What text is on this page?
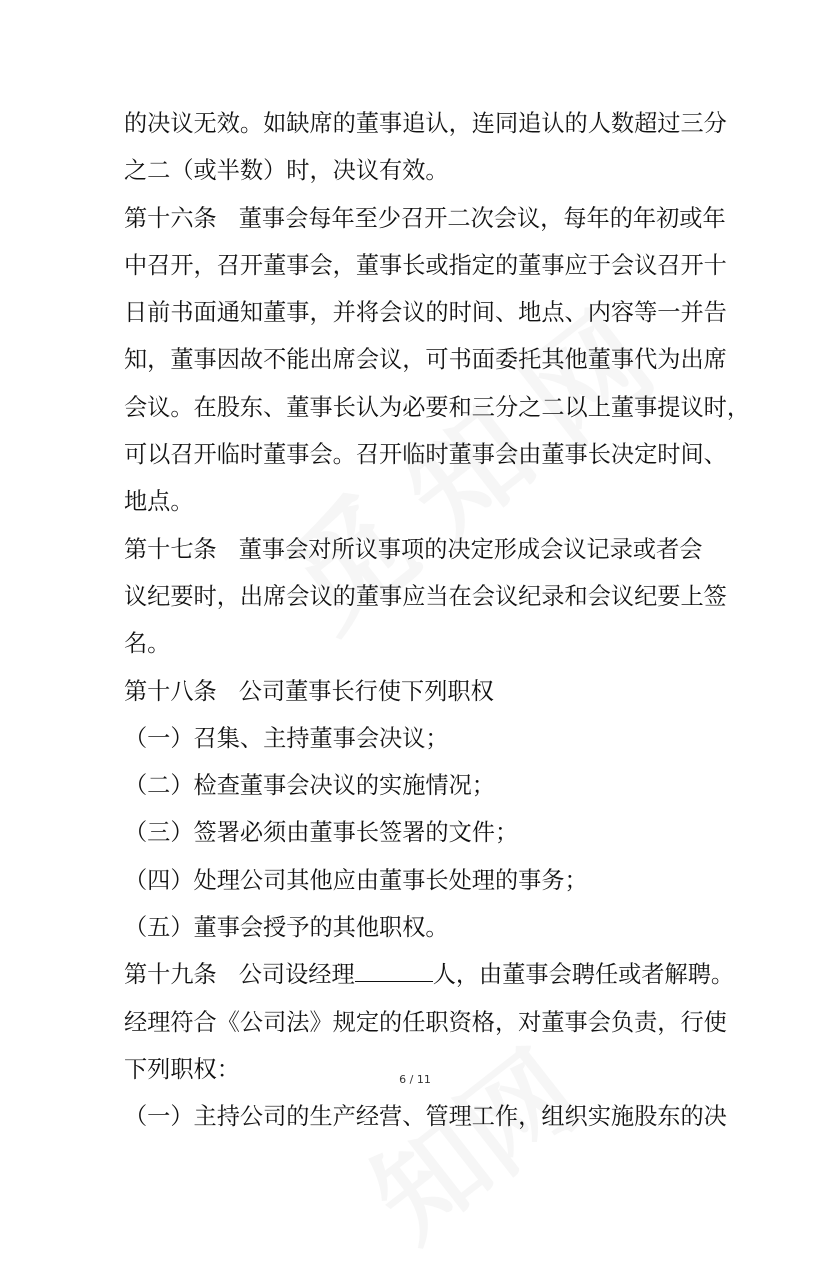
的决议无效。如缺席的董事追认，连同追认的人数超过三分
之二（或半数）时，决议有效。
第十六条 董事会每年至少召开二次会议，每年的年初或年
中召开，召开董事会，董事长或指定的董事应于会议召开十
日前书面通知董事，并将会议的时间、地点、内容等一并告
知，董事因故不能出席会议，可书面委托其他董事代为出席
会议。在股东、董事长认为必要和三分之二以上董事提议时，
可以召开临时董事会。召开临时董事会由董事长决定时间、
地点。
第十七条 董事会对所议事项的决定形成会议记录或者会
议纪要时，出席会议的董事应当在会议纪录和会议纪要上签
名。
第十八条 公司董事长行使下列职权
（一）召集、主持董事会决议；
（二）检查董事会决议的实施情况；
（三）签署必须由董事长签署的文件；
（四）处理公司其他应由董事长处理的事务；
（五）董事会授予的其他职权。
第十九条 公司设经理	人，由董事会聘任或者解聘。
经理符合《公司法》规定的任职资格，对董事会负责，行使
下列职权：
（一）主持公司的生产经营、管理工作，组织实施股东的决
6 / 11
